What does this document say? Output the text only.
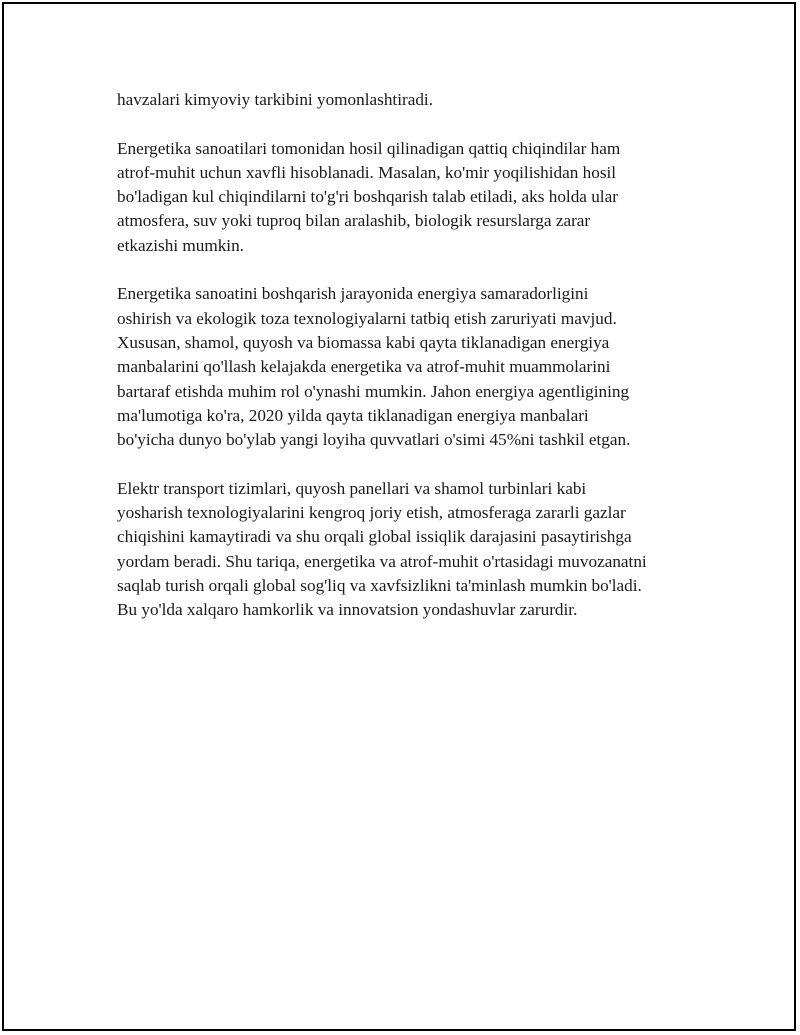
havzalari kimyoviy tarkibini yomonlashtiradi.

Energetika sanoatilari tomonidan hosil qilinadigan qattiq chiqindilar ham
atrof-muhit uchun xavfli hisoblanadi. Masalan, ko'mir yoqilishidan hosil
bo'ladigan kul chiqindilarni to'g'ri boshqarish talab etiladi, aks holda ular
atmosfera, suv yoki tuproq bilan aralashib, biologik resurslarga zarar
etkazishi mumkin.

Energetika sanoatini boshqarish jarayonida energiya samaradorligini
oshirish va ekologik toza texnologiyalarni tatbiq etish zaruriyati mavjud.
Xususan, shamol, quyosh va biomassa kabi qayta tiklanadigan energiya
manbalarini qo'llash kelajakda energetika va atrof-muhit muammolarini
bartaraf etishda muhim rol o'ynashi mumkin. Jahon energiya agentligining
ma'lumotiga ko'ra, 2020 yilda qayta tiklanadigan energiya manbalari
bo'yicha dunyo bo'ylab yangi loyiha quvvatlari o'simi 45%ni tashkil etgan.

Elektr transport tizimlari, quyosh panellari va shamol turbinlari kabi
yosharish texnologiyalarini kengroq joriy etish, atmosferaga zararli gazlar
chiqishini kamaytiradi va shu orqali global issiqlik darajasini pasaytirishga
yordam beradi. Shu tariqa, energetika va atrof-muhit o'rtasidagi muvozanatni
saqlab turish orqali global sog'liq va xavfsizlikni ta'minlash mumkin bo'ladi.
Bu yo'lda xalqaro hamkorlik va innovatsion yondashuvlar zarurdir.
